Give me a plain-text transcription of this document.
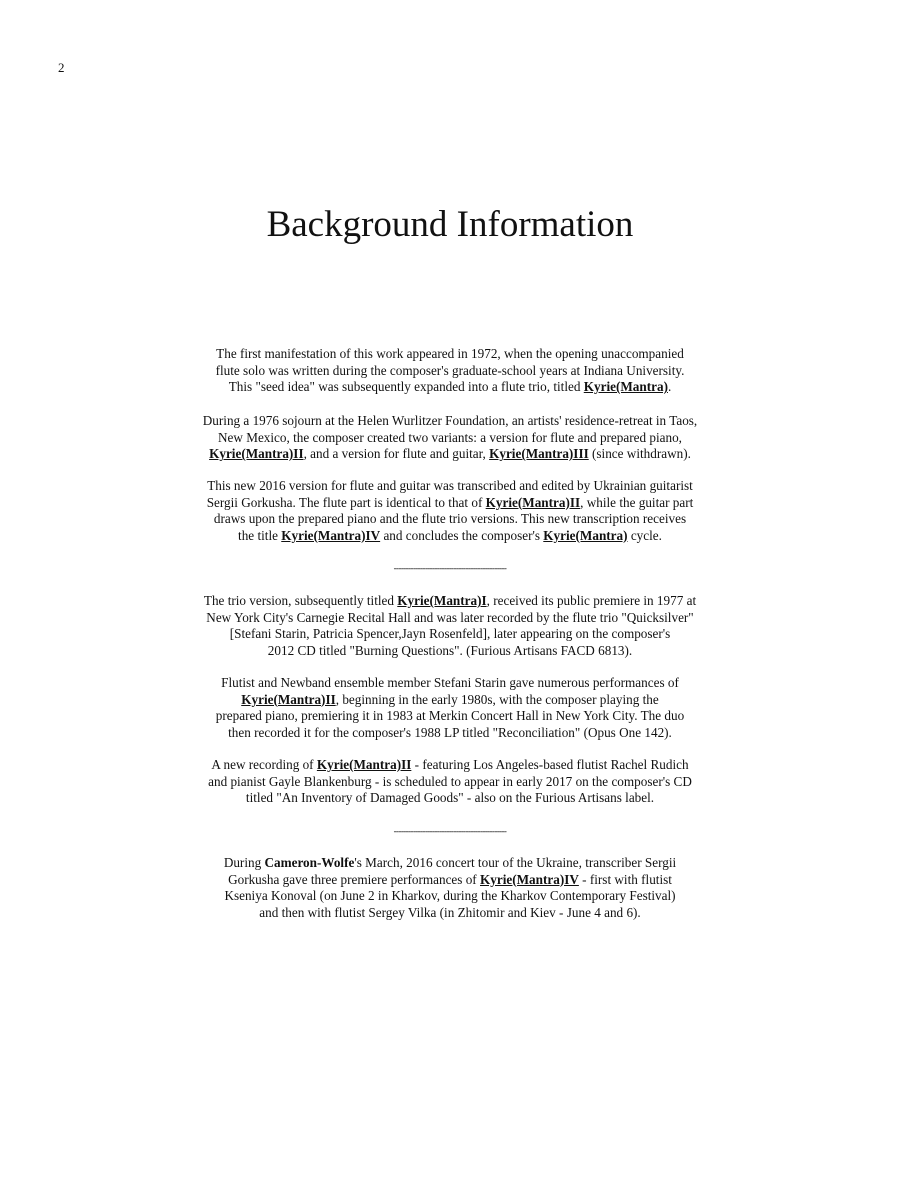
2
Background Information
The first manifestation of this work appeared in 1972, when the opening unaccompanied
flute solo was written during the composer's graduate-school years at Indiana University.
This "seed idea" was subsequently expanded into a flute trio, titled Kyrie(Mantra).
During a 1976 sojourn at the Helen Wurlitzer Foundation, an artists' residence-retreat in Taos,
New Mexico, the composer created two variants: a version for flute and prepared piano,
Kyrie(Mantra)II, and a version for flute and guitar, Kyrie(Mantra)III (since withdrawn).
This new 2016 version for flute and guitar was transcribed and edited by Ukrainian guitarist
Sergii Gorkusha. The flute part is identical to that of Kyrie(Mantra)II, while the guitar part
draws upon the prepared piano and the flute trio versions. This new transcription receives
the title Kyrie(Mantra)IV and concludes the composer's Kyrie(Mantra) cycle.
-----------------------------------------------
The trio version, subsequently titled Kyrie(Mantra)I, received its public premiere in 1977 at
New York City's Carnegie Recital Hall and was later recorded by the flute trio "Quicksilver"
[Stefani Starin, Patricia Spencer,Jayn Rosenfeld], later appearing on the composer's
2012 CD titled "Burning Questions". (Furious Artisans FACD 6813).
Flutist and Newband ensemble member Stefani Starin gave numerous performances of
Kyrie(Mantra)II, beginning in the early 1980s, with the composer playing the
prepared piano, premiering it in 1983 at Merkin Concert Hall in New York City. The duo
then recorded it for the composer's 1988 LP titled "Reconciliation" (Opus One 142).
A new recording of Kyrie(Mantra)II - featuring Los Angeles-based flutist Rachel Rudich
and pianist Gayle Blankenburg - is scheduled to appear in early 2017 on the composer's CD
titled "An Inventory of Damaged Goods" - also on the Furious Artisans label.
-----------------------------------------------
During Cameron-Wolfe's March, 2016 concert tour of the Ukraine, transcriber Sergii
Gorkusha gave three premiere performances of Kyrie(Mantra)IV - first with flutist
Kseniya Konoval (on June 2 in Kharkov, during the Kharkov Contemporary Festival)
and then with flutist Sergey Vilka (in Zhitomir and Kiev - June 4 and 6).
